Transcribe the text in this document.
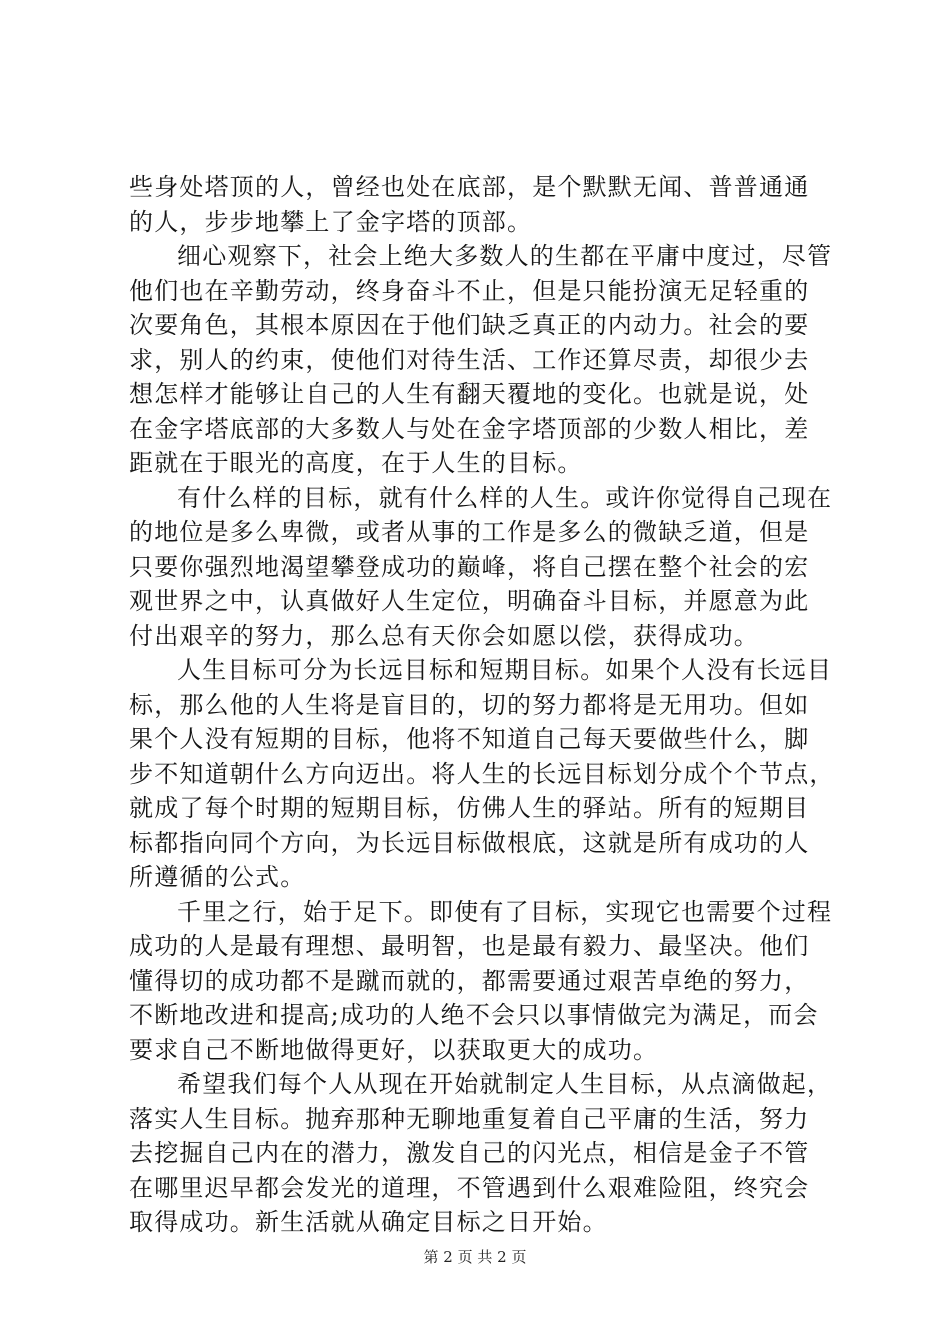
些身处塔顶的人，曾经也处在底部，是个默默无闻、普普通通
的人，步步地攀上了金字塔的顶部。
细心观察下，社会上绝大多数人的生都在平庸中度过，尽管
他们也在辛勤劳动，终身奋斗不止，但是只能扮演无足轻重的
次要角色，其根本原因在于他们缺乏真正的内动力。社会的要
求，别人的约束，使他们对待生活、工作还算尽责，却很少去
想怎样才能够让自己的人生有翻天覆地的变化。也就是说，处
在金字塔底部的大多数人与处在金字塔顶部的少数人相比，差
距就在于眼光的高度，在于人生的目标。
有什么样的目标，就有什么样的人生。或许你觉得自己现在
的地位是多么卑微，或者从事的工作是多么的微缺乏道，但是
只要你强烈地渴望攀登成功的巅峰，将自己摆在整个社会的宏
观世界之中，认真做好人生定位，明确奋斗目标，并愿意为此
付出艰辛的努力，那么总有天你会如愿以偿，获得成功。
人生目标可分为长远目标和短期目标。如果个人没有长远目
标，那么他的人生将是盲目的，切的努力都将是无用功。但如
果个人没有短期的目标，他将不知道自己每天要做些什么，脚
步不知道朝什么方向迈出。将人生的长远目标划分成个个节点，
就成了每个时期的短期目标，仿佛人生的驿站。所有的短期目
标都指向同个方向，为长远目标做根底，这就是所有成功的人
所遵循的公式。
千里之行，始于足下。即使有了目标，实现它也需要个过程
成功的人是最有理想、最明智，也是最有毅力、最坚决。他们
懂得切的成功都不是蹴而就的，都需要通过艰苦卓绝的努力，
不断地改进和提高;成功的人绝不会只以事情做完为满足，而会
要求自己不断地做得更好，以获取更大的成功。
希望我们每个人从现在开始就制定人生目标，从点滴做起，
落实人生目标。抛弃那种无聊地重复着自己平庸的生活，努力
去挖掘自己内在的潜力，激发自己的闪光点，相信是金子不管
在哪里迟早都会发光的道理，不管遇到什么艰难险阻，终究会
取得成功。新生活就从确定目标之日开始。
第 2 页 共 2 页
